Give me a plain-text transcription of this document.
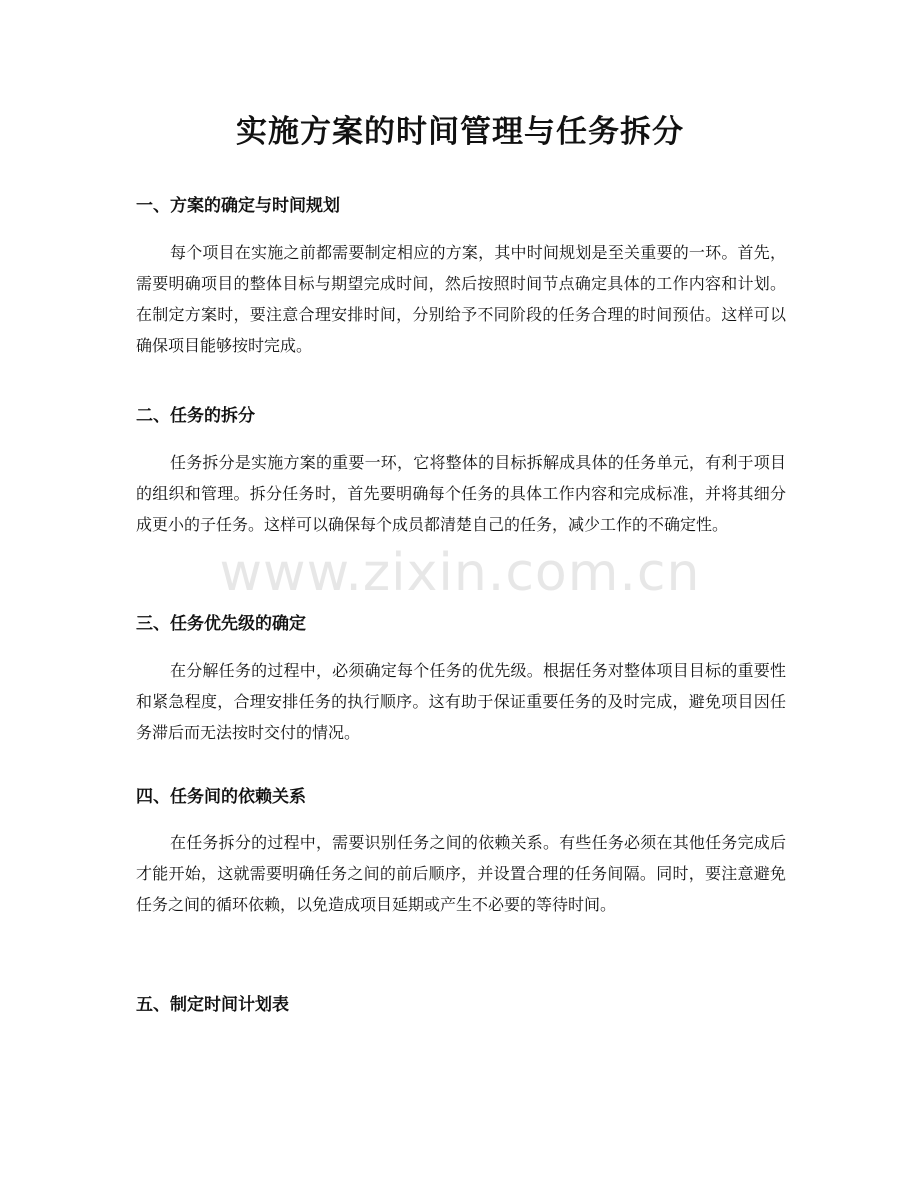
实施方案的时间管理与任务拆分
一、方案的确定与时间规划

每个项目在实施之前都需要制定相应的方案，其中时间规划是至关重要的一环。首先，需要明确项目的整体目标与期望完成时间，然后按照时间节点确定具体的工作内容和计划。在制定方案时，要注意合理安排时间，分别给予不同阶段的任务合理的时间预估。这样可以确保项目能够按时完成。

二、任务的拆分

任务拆分是实施方案的重要一环，它将整体的目标拆解成具体的任务单元，有利于项目的组织和管理。拆分任务时，首先要明确每个任务的具体工作内容和完成标准，并将其细分成更小的子任务。这样可以确保每个成员都清楚自己的任务，减少工作的不确定性。

三、任务优先级的确定

在分解任务的过程中，必须确定每个任务的优先级。根据任务对整体项目目标的重要性和紧急程度，合理安排任务的执行顺序。这有助于保证重要任务的及时完成，避免项目因任务滞后而无法按时交付的情况。

四、任务间的依赖关系

在任务拆分的过程中，需要识别任务之间的依赖关系。有些任务必须在其他任务完成后才能开始，这就需要明确任务之间的前后顺序，并设置合理的任务间隔。同时，要注意避免任务之间的循环依赖，以免造成项目延期或产生不必要的等待时间。

五、制定时间计划表
www.zixin.com.cn
